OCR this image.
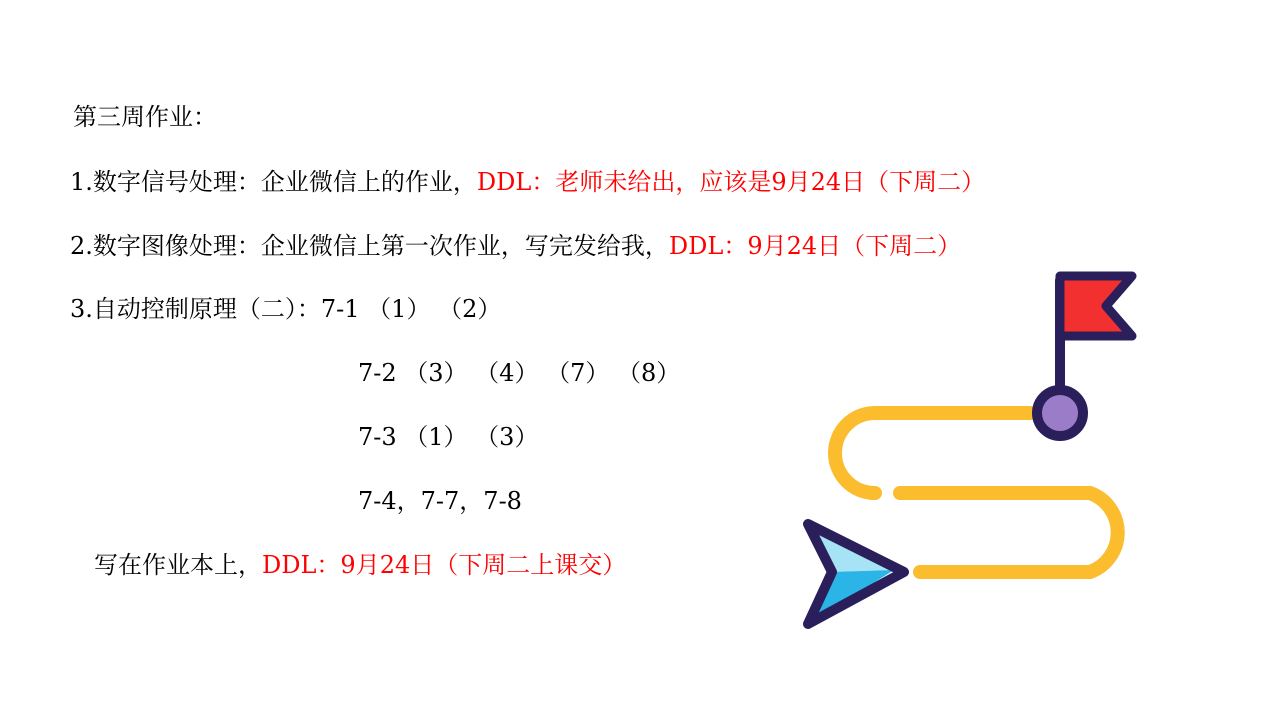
第三周作业：
1.数字信号处理：企业微信上的作业，DDL：老师未给出，应该是9月24日（下周二）
2.数字图像处理：企业微信上第一次作业，写完发给我，DDL：9月24日（下周二）
3.自动控制原理（二）：7-1 （1） （2）
7-2 （3） （4） （7） （8）
7-3 （1） （3）
7-4，7-7，7-8
写在作业本上，DDL：9月24日（下周二上课交）
